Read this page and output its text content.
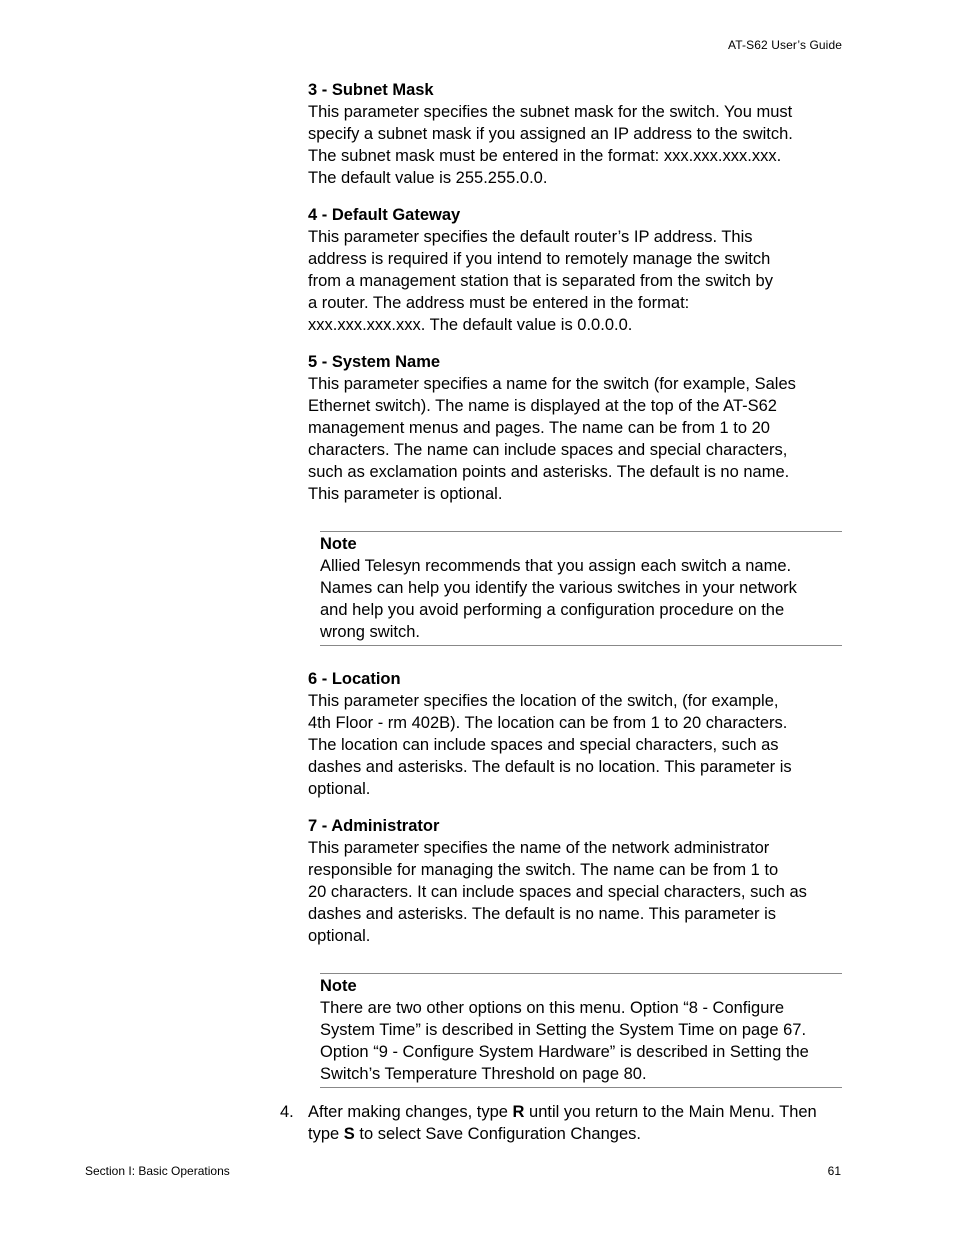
AT-S62 User’s Guide
3 - Subnet Mask
This parameter specifies the subnet mask for the switch. You must
specify a subnet mask if you assigned an IP address to the switch.
The subnet mask must be entered in the format: xxx.xxx.xxx.xxx.
The default value is 255.255.0.0.
4 - Default Gateway
This parameter specifies the default router’s IP address. This
address is required if you intend to remotely manage the switch
from a management station that is separated from the switch by
a router. The address must be entered in the format:
xxx.xxx.xxx.xxx. The default value is 0.0.0.0.
5 - System Name
This parameter specifies a name for the switch (for example, Sales
Ethernet switch). The name is displayed at the top of the AT-S62
management menus and pages. The name can be from 1 to 20
characters. The name can include spaces and special characters,
such as exclamation points and asterisks. The default is no name.
This parameter is optional.
Note
Allied Telesyn recommends that you assign each switch a name.
Names can help you identify the various switches in your network
and help you avoid performing a configuration procedure on the
wrong switch.
6 - Location
This parameter specifies the location of the switch, (for example,
4th Floor - rm 402B). The location can be from 1 to 20 characters.
The location can include spaces and special characters, such as
dashes and asterisks. The default is no location. This parameter is
optional.
7 - Administrator
This parameter specifies the name of the network administrator
responsible for managing the switch. The name can be from 1 to
20 characters. It can include spaces and special characters, such as
dashes and asterisks. The default is no name. This parameter is
optional.
Note
There are two other options on this menu. Option “8 - Configure
System Time” is described in Setting the System Time on page 67.
Option “9 - Configure System Hardware” is described in Setting the
Switch’s Temperature Threshold on page 80.
4. After making changes, type R until you return to the Main Menu. Then
type S to select Save Configuration Changes.
Section I: Basic Operations	61
